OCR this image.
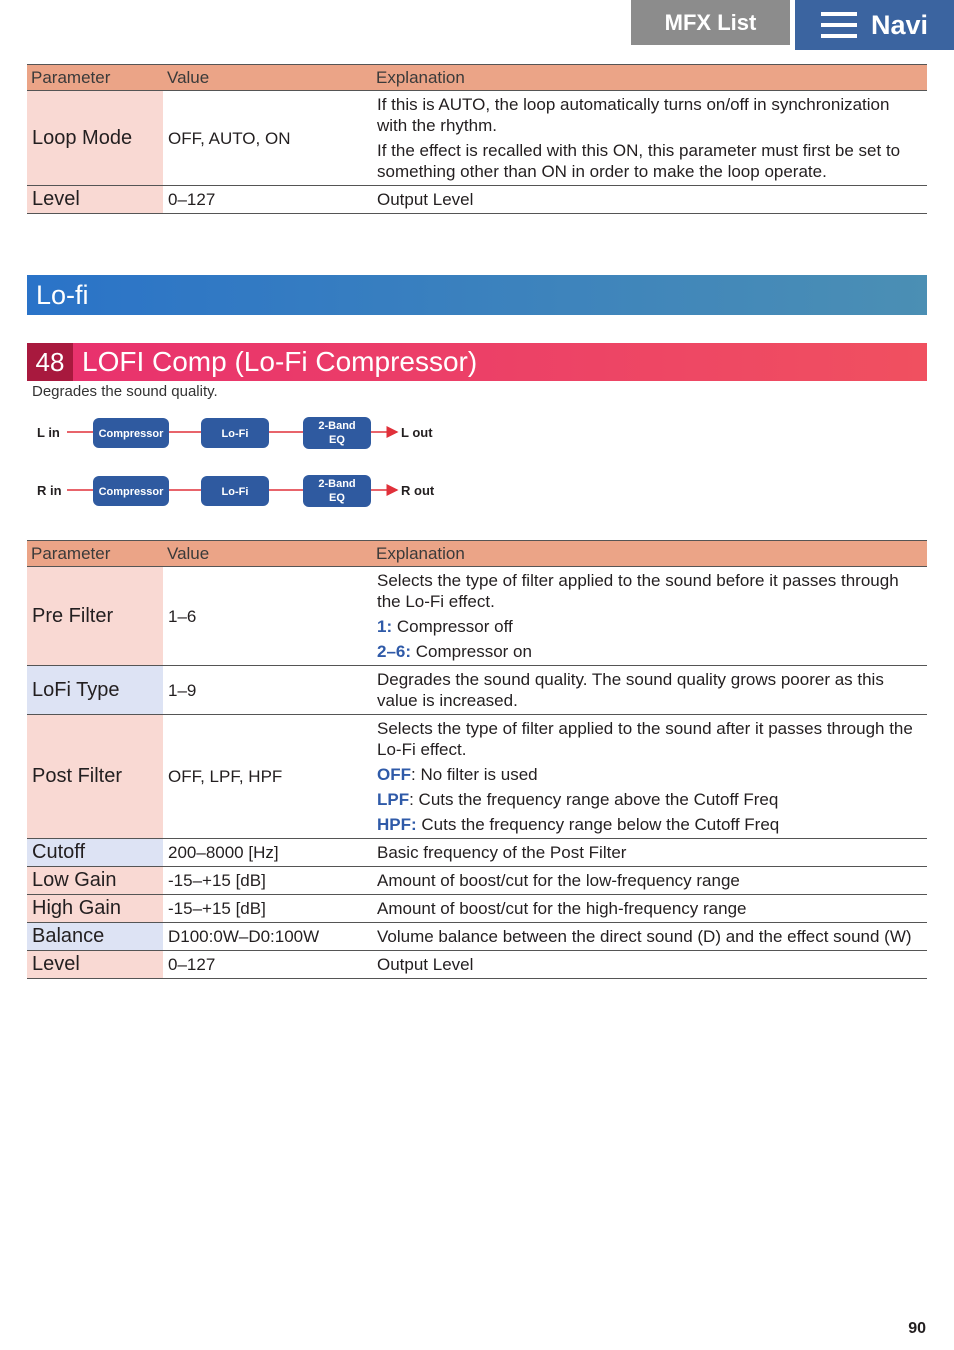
MFX List	Navi
Parameter	Value	Explanation
Loop Mode	OFF, AUTO, ON	If this is AUTO, the loop automatically turns on/off in synchronization with the rhythm.

If the effect is recalled with this ON, this parameter must first be set to something other than ON in order to make the loop operate.

Level	0–127	Output Level
Lo-fi
48 LOFI Comp (Lo-Fi Compressor)
Degrades the sound quality.
L in	Compressor	Lo-Fi
2-Band
EQ	L out
R in	Compressor	Lo-Fi
2-Band
EQ	R out
Parameter	Value	Explanation
Pre Filter	1–6	Selects the type of filter applied to the sound before it passes through the Lo-Fi effect.

1: Compressor off

2–6: Compressor on

LoFi Type	1–9	Degrades the sound quality. The sound quality grows poorer as this value is increased.
Post Filter	OFF, LPF, HPF	Selects the type of filter applied to the sound after it passes through the Lo-Fi effect.

OFF: No filter is used

LPF: Cuts the frequency range above the Cutoff Freq

HPF: Cuts the frequency range below the Cutoff Freq

Cutoff	200–8000 [Hz]	Basic frequency of the Post Filter
Low Gain	-15–+15 [dB]	Amount of boost/cut for the low-frequency range
High Gain	-15–+15 [dB]	Amount of boost/cut for the high-frequency range
Balance	D100:0W–D0:100W	Volume balance between the direct sound (D) and the effect sound (W)
Level	0–127	Output Level
90
